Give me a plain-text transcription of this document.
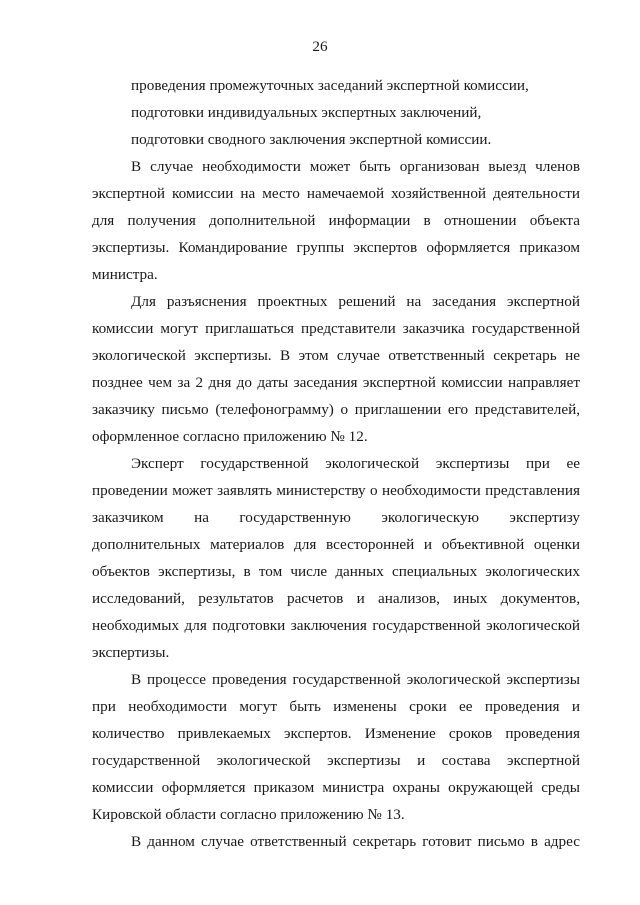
26
проведения промежуточных заседаний экспертной комиссии,
подготовки индивидуальных экспертных заключений,
подготовки сводного заключения экспертной комиссии.
В случае необходимости может быть организован выезд членов
экспертной комиссии на место намечаемой хозяйственной деятельности
для получения дополнительной информации в отношении объекта
экспертизы. Командирование группы экспертов оформляется приказом
министра.
Для разъяснения проектных решений на заседания экспертной
комиссии могут приглашаться представители заказчика государственной
экологической экспертизы. В этом случае ответственный секретарь не
позднее чем за 2 дня до даты заседания экспертной комиссии направляет
заказчику письмо (телефонограмму) о приглашении его представителей,
оформленное согласно приложению № 12.
Эксперт государственной экологической экспертизы при ее
проведении может заявлять министерству о необходимости представления
заказчиком на государственную экологическую экспертизу
дополнительных материалов для всесторонней и объективной оценки
объектов экспертизы, в том числе данных специальных экологических
исследований, результатов расчетов и анализов, иных документов,
необходимых для подготовки заключения государственной экологической
экспертизы.
В процессе проведения государственной экологической экспертизы
при необходимости могут быть изменены сроки ее проведения и
количество привлекаемых экспертов. Изменение сроков проведения
государственной экологической экспертизы и состава экспертной
комиссии оформляется приказом министра охраны окружающей среды
Кировской области согласно приложению № 13.
В данном случае ответственный секретарь готовит письмо в адрес
